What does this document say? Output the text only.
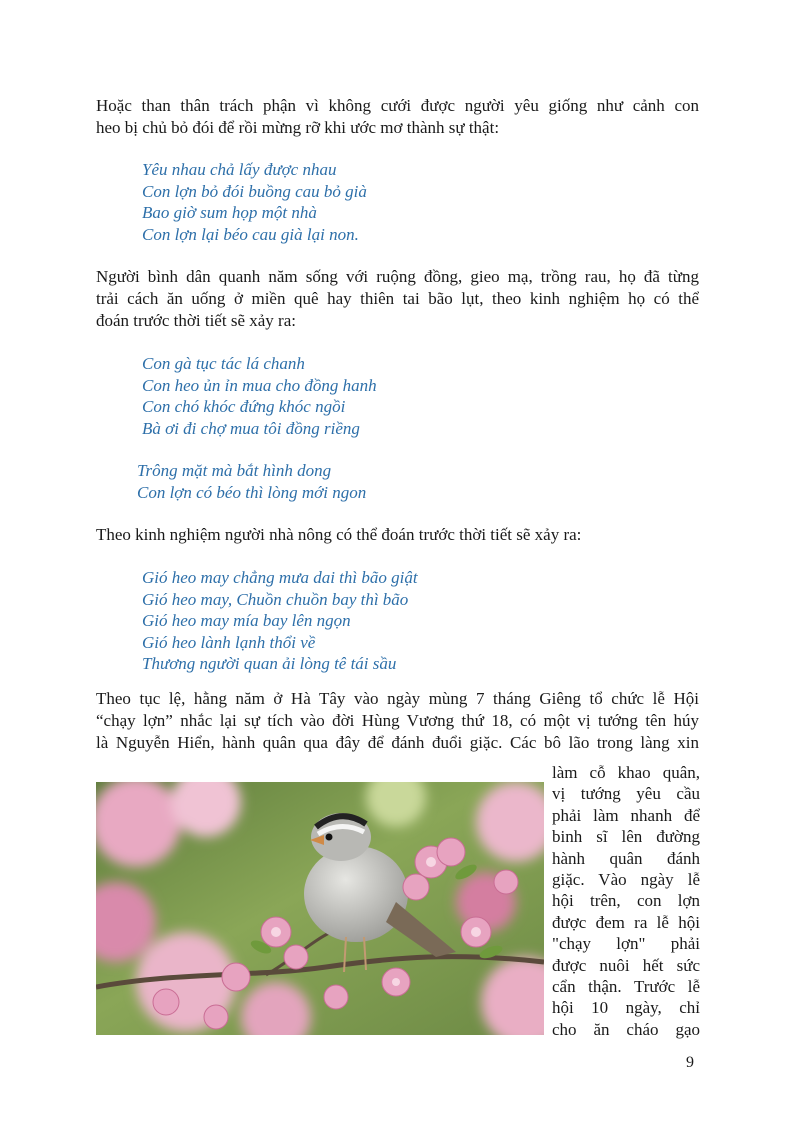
Hoặc than thân trách phận vì không cưới được người yêu giống như cảnh con
heo bị chủ bỏ đói để rồi mừng rỡ khi ước mơ thành sự thật:

Yêu nhau chả lấy được nhau
Con lợn bỏ đói buồng cau bỏ già
Bao giờ sum họp một nhà
Con lợn lại béo cau già lại non.

Người bình dân quanh năm sống với ruộng đồng, gieo mạ, trồng rau, họ đã từng
trải cách ăn uống ở miền quê hay thiên tai bão lụt, theo kinh nghiệm họ có thể
đoán trước thời tiết sẽ xảy ra:

Con gà tục tác lá chanh
Con heo ủn ỉn mua cho đồng hanh
Con chó khóc đứng khóc ngồi
Bà ơi đi chợ mua tôi đồng riềng
Trông mặt mà bắt hình dong
Con lợn có béo thì lòng mới ngon

Theo kinh nghiệm người nhà nông có thể đoán trước thời tiết sẽ xảy ra:

Gió heo may chẳng mưa dai thì bão giật
Gió heo may, Chuồn chuồn bay thì bão
Gió heo may mía bay lên ngọn
Gió heo lành lạnh thổi về
Thương người quan ải lòng tê tái sầu

Theo tục lệ, hằng năm ở Hà Tây vào ngày mùng 7 tháng Giêng tổ chức lễ Hội
“chạy lợn” nhắc lại sự tích vào đời Hùng Vương thứ 18, có một vị tướng tên húy
là Nguyễn Hiển, hành quân qua đây để đánh đuổi giặc. Các bô lão trong làng xin

làm cỗ khao quân,
vị tướng yêu cầu
phải làm nhanh để
binh sĩ lên đường
hành quân đánh
giặc. Vào ngày lễ
hội trên, con lợn
được đem ra lễ hội
"chạy lợn" phải
được nuôi hết sức
cẩn thận. Trước lễ
hội 10 ngày, chỉ
cho ăn cháo gạo
9
